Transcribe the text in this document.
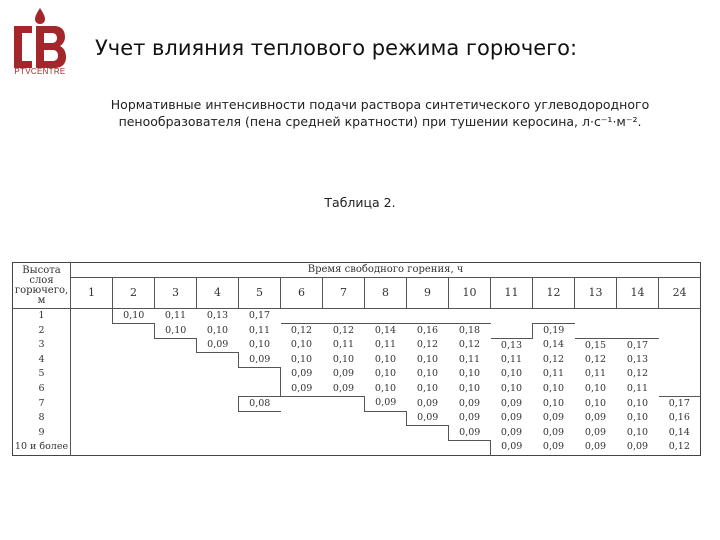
PTVCENTRE
Учет влияния теплового режима горючего:
Нормативные интенсивности подачи раствора синтетического углеводородного пенообразователя (пена средней кратности) при тушении керосина, л·с⁻¹·м⁻².
Таблица 2.
Высота слоя горючего, м	Время свободного горения, ч														
	1	2	3	4	5	6	7	8	9	10	11	12	13	14	24
1		0,10	0,11	0,13	0,17										
2			0,10	0,10	0,11	0,12	0,12	0,14	0,16	0,18		0,19			
3				0,09	0,10	0,10	0,11	0,11	0,12	0,12	0,13	0,14	0,15	0,17	
4					0,09	0,10	0,10	0,10	0,10	0,11	0,11	0,12	0,12	0,13	
5						0,09	0,09	0,10	0,10	0,10	0,10	0,11	0,11	0,12	
6						0,09	0,09	0,10	0,10	0,10	0,10	0,10	0,10	0,11	
7					0,08			0,09	0,09	0,09	0,09	0,10	0,10	0,10	0,17
8									0,09	0,09	0,09	0,09	0,09	0,10	0,16
9										0,09	0,09	0,09	0,09	0,10	0,14
10 и более											0,09	0,09	0,09	0,09	0,12
